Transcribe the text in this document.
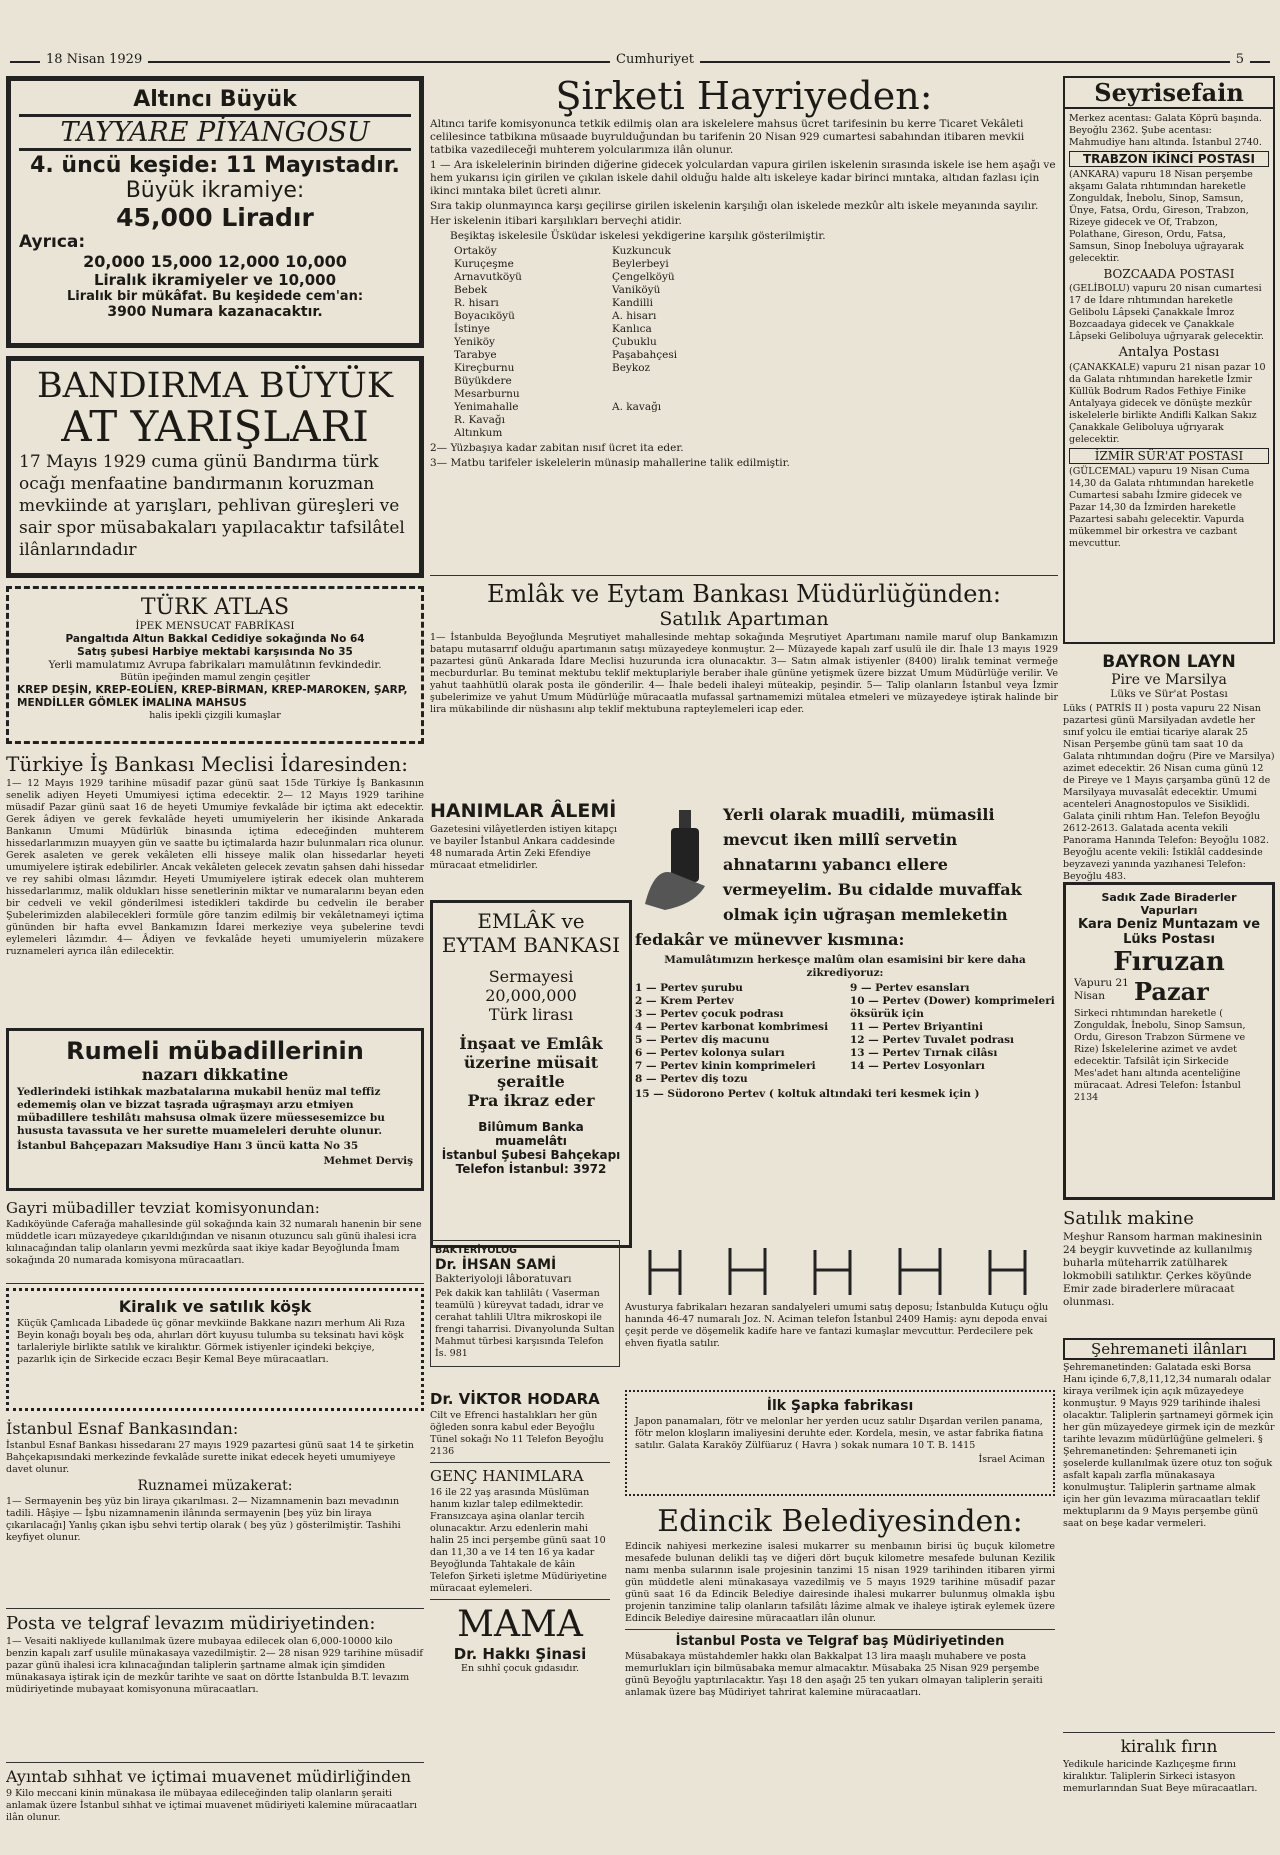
18 Nisan 1929	Cumhuriyet	5
Altıncı Büyük
TAYYARE PİYANGOSU
4. üncü keşide: 11 Mayıstadır.
Büyük ikramiye:
45,000 Liradır
Ayrıca:
20,000 15,000 12,000 10,000
Liralık ikramiyeler ve 10,000
Liralık bir mükâfat. Bu keşidede cem'an:
3900 Numara kazanacaktır.
BANDIRMA BÜYÜK
AT YARIŞLARI

17 Mayıs 1929 cuma günü Bandırma türk ocağı menfaatine bandırmanın koruzman mevkiinde at yarışları, pehlivan güreşleri ve sair spor müsabakaları yapılacaktır tafsilâtel ilânlarındadır

TÜRK ATLAS
İPEK MENSUCAT FABRİKASI
Pangaltıda Altun Bakkal Cedidiye sokağında No 64
Satış şubesi Harbiye mektabi karşısında No 35
Yerli mamulatımız Avrupa fabrikaları mamulâtının fevkindedir.
Bütün ipeğinden mamul zengin çeşitler
KREP DEŞİN, KREP-EOLİEN, KREP-BİRMAN, KREP-MAROKEN, ŞARP, MENDİLLER GÖMLEK İMALINA MAHSUS
halis ipekli çizgili kumaşlar
Türkiye İş Bankası Meclisi İdaresinden:

1— 12 Mayıs 1929 tarihine müsadif pazar günü saat 15de Türkiye İş Bankasının senelik adiyen Heyeti Umumiyesi içtima edecektir. 2— 12 Mayıs 1929 tarihine müsadif Pazar günü saat 16 de heyeti Umumiye fevkalâde bir içtima akt edecektir. Gerek âdiyen ve gerek fevkalâde heyeti umumiyelerin her ikisinde Ankarada Bankanın Umumi Müdürlük binasında içtima edeceğinden muhterem hissedarlarımızın muayyen gün ve saatte bu içtimalarda hazır bulunmaları rica olunur. Gerek asaleten ve gerek vekâleten elli hisseye malik olan hissedarlar heyeti umumiyelere iştirak edebilirler. Ancak vekâleten gelecek zevatın şahsen dahi hissedar ve rey sahibi olması lâzımdır. Heyeti Umumiyelere iştirak edecek olan muhterem hissedarlarımız, malik oldukları hisse senetlerinin miktar ve numaralarını beyan eden bir cedveli ve vekil gönderilmesi istedikleri takdirde bu cedvelin ile beraber Şubelerimizden alabilecekleri formüle göre tanzim edilmiş bir vekâletnameyi içtima gününden bir hafta evvel Bankamızın İdarei merkeziye veya şubelerine tevdi eylemeleri lâzımdır. 4— Âdiyen ve fevkalâde heyeti umumiyelerin müzakere ruznameleri ayrıca ilân edilecektir.

Rumeli mübadillerinin
nazarı dikkatine

Yedlerindeki istihkak mazbatalarına mukabil henüz mal teffiz edememiş olan ve bizzat taşrada uğraşmayı arzu etmiyen mübadillere teshilâtı mahsusa olmak üzere müessesemizce bu hususta tavassuta ve her surette muameleleri deruhte olunur.

İstanbul Bahçepazarı Maksudiye Hanı 3 üncü katta No 35

Mehmet Derviş

Gayri mübadiller tevziat komisyonundan:

Kadıköyünde Caferağa mahallesinde gül sokağında kain 32 numaralı hanenin bir sene müddetle icarı müzayedeye çıkarıldığından ve nisanın otuzuncu salı günü ihalesi icra kılınacağından talip olanların yevmi mezkûrda saat ikiye kadar Beyoğlunda İmam sokağında 20 numarada komisyona müracaatları.

Kiralık ve satılık köşk

Küçük Çamlıcada Libadede üç gönar mevkiinde Bakkane nazırı merhum Ali Rıza Beyin konağı boyalı beş oda, ahırları dört kuyusu tulumba su teksinatı havi köşk tarlaleriyle birlikte satılık ve kiralıktır. Görmek istiyenler içindeki bekçiye, pazarlık için de Sirkecide eczacı Beşir Kemal Beye müracaatları.

İstanbul Esnaf Bankasından:

İstanbul Esnaf Bankası hissedaranı 27 mayıs 1929 pazartesi günü saat 14 te şirketin Bahçekapısındaki merkezinde fevkalâde surette inikat edecek heyeti umumiyeye davet olunur.

Ruznamei müzakerat:

1— Sermayenin beş yüz bin liraya çıkarılması. 2— Nizamnamenin bazı mevadının tadili. Hâşiye — İşbu nizamnamenin ilânında sermayenin [beş yüz bin liraya çıkarılacağı] Yanlış çıkan işbu sehvi tertip olarak ( beş yüz ) gösterilmiştir. Tashihi keyfiyet olunur.

Posta ve telgraf levazım müdiriyetinden:

1— Vesaiti nakliyede kullanılmak üzere mubayaa edilecek olan 6,000-10000 kilo benzin kapalı zarf usulile münakasaya vazedilmiştir. 2— 28 nisan 929 tarihine müsadif pazar günü ihalesi icra kılınacağından taliplerin şartname almak için şimdiden münakasaya iştirak için de mezkûr tarihte ve saat on dörtte İstanbulda B.T. levazım müdiriyetinde mubayaat komisyonuna müracaatları.

Ayıntab sıhhat ve içtimai muavenet müdirliğinden

9 Kilo meccani kinin münakasa ile mübayaa edileceğinden talip olanların şeraiti anlamak üzere İstanbul sıhhat ve içtimai muavenet müdiriyeti kalemine müracaatları ilân olunur.

Şirketi Hayriyeden:

Altıncı tarife komisyonunca tetkik edilmiş olan ara iskelelere mahsus ücret tarifesinin bu kerre Ticaret Vekâleti celilesince tatbikına müsaade buyrulduğundan bu tarifenin 20 Nisan 929 cumartesi sabahından itibaren mevkii tatbika vazedileceği muhterem yolcularımıza ilân olunur.

1 — Ara iskelelerinin birinden diğerine gidecek yolculardan vapura girilen iskelenin sırasında iskele ise hem aşağı ve hem yukarısı için girilen ve çıkılan iskele dahil olduğu halde altı iskeleye kadar birinci mıntaka, altıdan fazlası için ikinci mıntaka bilet ücreti alınır.

Sıra takip olunmayınca karşı geçilirse girilen iskelenin karşılığı olan iskelede mezkûr altı iskele meyanında sayılır.

Her iskelenin itibari karşılıkları berveçhi atidir.

Beşiktaş iskelesile Üsküdar iskelesi yekdigerine karşılık gösterilmiştir.

Ortaköy	Kuzkuncuk
Kuruçeşme	Beylerbeyi
Arnavutköyü	Çengelköyü
Bebek	Vaniköyü
R. hisarı	Kandilli
Boyacıköyü	A. hisarı
İstinye	Kanlıca
Yeniköy	Çubuklu
Tarabye	Paşabahçesi
Kireçburnu	Beykoz
Büyükdere	
Mesarburnu	
Yenimahalle	A. kavağı
R. Kavağı	
Altınkum	

2— Yüzbaşıya kadar zabitan nısıf ücret ita eder.

3— Matbu tarifeler iskelelerin münasip mahallerine talik edilmiştir.

Emlâk ve Eytam Bankası Müdürlüğünden:
Satılık Apartıman

1— İstanbulda Beyoğlunda Meşrutiyet mahallesinde mehtap sokağında Meşrutiyet Apartımanı namile maruf olup Bankamızın batapu mutasarrıf olduğu apartımanın satışı müzayedeye konmuştur. 2— Müzayede kapalı zarf usulü ile dir. İhale 13 mayıs 1929 pazartesi günü Ankarada İdare Meclisi huzurunda icra olunacaktır. 3— Satın almak istiyenler (8400) liralık teminat vermeğe mecburdurlar. Bu teminat mektubu teklif mektuplariyle beraber ihale gününe yetişmek üzere bizzat Umum Müdürlüğe verilir. Ve yahut taahhütlü olarak posta ile gönderilir. 4— İhale bedeli ihaleyi müteakip, peşindir. 5— Talip olanların İstanbul veya İzmir şubelerimize ve yahut Umum Müdürlüğe müracaatla mufassal şartnamemizi mütalea etmeleri ve müzayedeye iştirak halinde bir lira mükabilinde dir nüshasını alıp teklif mektubuna rapteylemeleri icap eder.

HANIMLAR ÂLEMİ

Gazetesini vilâyetlerden istiyen kitapçı ve bayiler İstanbul Ankara caddesinde 48 numarada Artin Zeki Efendiye müracaat etmelidirler.

EMLÂK ve EYTAM BANKASI
Sermayesi 20,000,000
Türk lirası
İnşaat ve Emlâk üzerine müsait şeraitle
Pra ikraz eder
Bilûmum Banka muamelâtı
İstanbul Şubesi Bahçekapı
Telefon İstanbul: 3972

Yerli olarak muadili, mümasili mevcut iken millî servetin ahnatarını yabancı ellere vermeyelim. Bu cidalde muvaffak olmak için uğraşan memleketin fedakâr ve münevver kısmına:

Mamulâtımızın herkesçe malûm olan esamisini bir kere daha zikrediyoruz:

1 — Pertev şurubu
2 — Krem Pertev
3 — Pertev çocuk podrası
4 — Pertev karbonat kombrimesi
5 — Pertev diş macunu
6 — Pertev kolonya suları
7 — Pertev kinin komprimeleri
8 — Pertev diş tozu
9 — Pertev esansları
10 — Pertev (Dower) komprimeleri öksürük için
11 — Pertev Briyantini
12 — Pertev Tuvalet podrası
13 — Pertev Tırnak cilâsı
14 — Pertev Losyonları

15 — Südorono Pertev ( koltuk altındaki teri kesmek için )

BAKTERİYOLOG
Dr. İHSAN SAMİ
Bakteriyoloji lâboratuvarı

Pek dakik kan tahlilâtı ( Vaserman teamülü ) küreyvat tadadı, idrar ve cerahat tahlili Ultra mikroskopi ile frengi taharrisi. Divanyolunda Sultan Mahmut türbesi karşısında Telefon İs. 981

Avusturya fabrikaları hezaran sandalyeleri umumi satış deposu; İstanbulda Kutuçu oğlu hanında 46-47 numaralı Joz. N. Aciman telefon İstanbul 2409 Hamiş: aynı depoda envai çeşit perde ve döşemelik kadife hare ve fantazi kumaşlar mevcuttur. Perdecilere pek ehven fiyatla satılır.

Dr. VİKTOR HODARA

Cilt ve Efrenci hastalıkları her gün öğleden sonra kabul eder Beyoğlu Tünel sokağı No 11 Telefon Beyoğlu 2136

GENÇ HANIMLARA

16 ile 22 yaş arasında Müslüman hanım kızlar talep edilmektedir. Fransızcaya aşina olanlar tercih olunacaktır. Arzu edenlerin mahi halin 25 inci perşembe günü saat 10 dan 11,30 a ve 14 ten 16 ya kadar Beyoğlunda Tahtakale de kâin Telefon Şirketi işletme Müdüriyetine müracaat eylemeleri.

MAMA
Dr. Hakkı Şinasi
En sıhhî çocuk gıdasıdır.
İlk Şapka fabrikası

Japon panamaları, fötr ve melonlar her yerden ucuz satılır Dışardan verilen panama, fötr melon kloşların imaliyesini deruhte eder. Kordela, mesin, ve astar fabrika fiatına satılır. Galata Karaköy Zülfüaruz ( Havra ) sokak numara 10 T. B. 1415

İsrael Aciman

Edincik Belediyesinden:

Edincik nahiyesi merkezine isalesi mukarrer su menbaının birisi üç buçuk kilometre mesafede bulunan delikli taş ve diğeri dört buçuk kilometre mesafede bulunan Kezilik namı menba sularının isale projesinin tanzimi 15 nisan 1929 tarihinden itibaren yirmi gün müddetle aleni münakasaya vazedilmiş ve 5 mayıs 1929 tarihine müsadif pazar günü saat 16 da Edincik Belediye dairesinde ihalesi mukarrer bulunmuş olmakla işbu projenin tanzimine talip olanların tafsilâtı lâzime almak ve ihaleye iştirak eylemek üzere Edincik Belediye dairesine müracaatları ilân olunur.

İstanbul Posta ve Telgraf baş Müdiriyetinden

Müsabakaya müstahdemler hakkı olan Bakkalpat 13 lira maaşlı muhabere ve posta memurlukları için bilmüsabaka memur almacaktır. Müsabaka 25 Nisan 929 perşembe günü Beyoğlu yaptırılacaktır. Yaşı 18 den aşağı 25 ten yukarı olmayan taliplerin şeraiti anlamak üzere baş Müdiriyet tahrirat kalemine müracaatları.

Seyrisefain

Merkez acentası: Galata Köprü başında. Beyoğlu 2362. Şube acentası: Mahmudiye hanı altında. İstanbul 2740.

TRABZON İKİNCİ POSTASI

(ANKARA) vapuru 18 Nisan perşembe akşamı Galata rıhtımından hareketle Zonguldak, İnebolu, Sinop, Samsun, Ünye, Fatsa, Ordu, Gireson, Trabzon, Rizeye gidecek ve Of, Trabzon, Polathane, Gireson, Ordu, Fatsa, Samsun, Sinop İneboluya uğrayarak gelecektir.

BOZCAADA POSTASI

(GELİBOLU) vapuru 20 nisan cumartesi 17 de İdare rıhtımından hareketle Gelibolu Lâpseki Çanakkale İmroz Bozcaadaya gidecek ve Çanakkale Lâpseki Geliboluya uğrıyarak gelecektir.

Antalya Postası

(ÇANAKKALE) vapuru 21 nisan pazar 10 da Galata rıhtımından hareketle İzmir Küllük Bodrum Rados Fethiye Finike Antalyaya gidecek ve dönüşte mezkûr iskelelerle birlikte Andifli Kalkan Sakız Çanakkale Geliboluya uğrıyarak gelecektir.

İZMİR SÜR'AT POSTASI

(GÜLCEMAL) vapuru 19 Nisan Cuma 14,30 da Galata rıhtımından hareketle Cumartesi sabahı İzmire gidecek ve Pazar 14,30 da İzmirden hareketle Pazartesi sabahı gelecektir. Vapurda mükemmel bir orkestra ve cazbant mevcuttur.

BAYRON LAYN
Pire ve Marsilya
Lüks ve Sür'at Postası

Lüks ( PATRİS II ) posta vapuru 22 Nisan pazartesi günü Marsilyadan avdetle her sınıf yolcu ile emtiai ticariye alarak 25 Nisan Perşembe günü tam saat 10 da Galata rıhtımından doğru (Pire ve Marsilya) azimet edecektir. 26 Nisan cuma günü 12 de Pireye ve 1 Mayıs çarşamba günü 12 de Marsilyaya muvasalât edecektir. Umumi acenteleri Anagnostopulos ve Sisiklidi. Galata çinili rıhtım Han. Telefon Beyoğlu 2612-2613. Galatada acenta vekili Panorama Hanında Telefon: Beyoğlu 1082. Beyoğlu acente vekili: İstiklâl caddesinde beyzavezi yanında yazıhanesi Telefon: Beyoğlu 483.

Sadık Zade Biraderler Vapurları
Kara Deniz Muntazam ve Lüks Postası
Fıruzan
Vapuru 21 Nisan	Pazar

Sirkeci rıhtımından hareketle ( Zonguldak, İnebolu, Sinop Samsun, Ordu, Gireson Trabzon Sürmene ve Rize) İskelelerine azimet ve avdet edecektir. Tafsilât için Sirkecide Mes'adet hanı altında acenteliğine müracaat. Adresi Telefon: İstanbul 2134

Satılık makine

Meşhur Ransom harman makinesinin 24 beygir kuvvetinde az kullanılmış buharla müteharrik zatülharek lokmobili satılıktır. Çerkes köyünde Emir zade biraderlere müracaat olunması.

Şehremaneti ilânları

Şehremanetinden: Galatada eski Borsa Hanı içinde 6,7,8,11,12,34 numaralı odalar kiraya verilmek için açık müzayedeye konmuştur. 9 Mayıs 929 tarihinde ihalesi olacaktır. Taliplerin şartnameyi görmek için her gün müzayedeye girmek için de mezkûr tarihte levazım müdürlüğüne gelmeleri. § Şehremanetinden: Şehremaneti için şoselerde kullanılmak üzere otuz ton soğuk asfalt kapalı zarfla münakasaya konulmuştur. Taliplerin şartname almak için her gün levazıma müracaatları teklif mektuplarını da 9 Mayıs perşembe günü saat on beşe kadar vermeleri.

kiralık fırın

Yedikule haricinde Kazlıçeşme fırını kiralıktır. Taliplerin Sirkeci istasyon memurlarından Suat Beye müracaatları.
